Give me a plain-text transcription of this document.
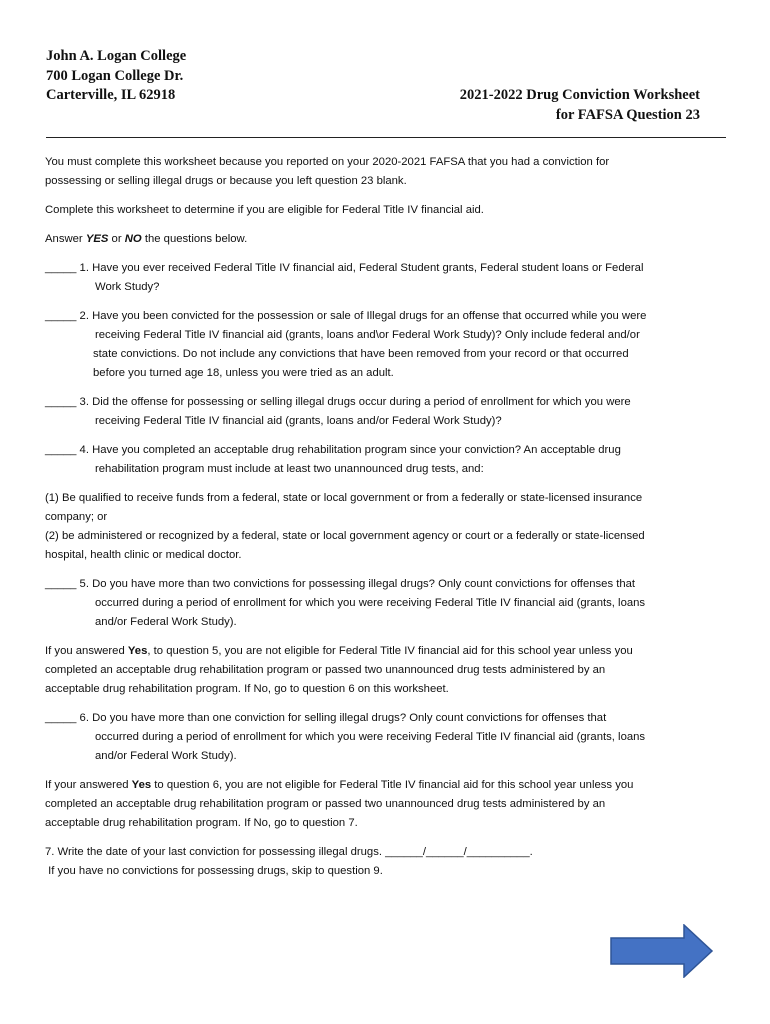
John A. Logan College
700 Logan College Dr.
Carterville, IL 62918	2021-2022 Drug Conviction Worksheet
for FAFSA Question 23

You must complete this worksheet because you reported on your 2020-2021 FAFSA that you had a conviction for
possessing or selling illegal drugs or because you left question 23 blank.

Complete this worksheet to determine if you are eligible for Federal Title IV financial aid.

Answer YES or NO the questions below.

_____ 1. Have you ever received Federal Title IV financial aid, Federal Student grants, Federal student loans or Federal
Work Study?
_____ 2. Have you been convicted for the possession or sale of Illegal drugs for an offense that occurred while you were
receiving Federal Title IV financial aid (grants, loans and\or Federal Work Study)? Only include federal and/or
state convictions. Do not include any convictions that have been removed from your record or that occurred
before you turned age 18, unless you were tried as an adult.
_____ 3. Did the offense for possessing or selling illegal drugs occur during a period of enrollment for which you were
receiving Federal Title IV financial aid (grants, loans and/or Federal Work Study)?
_____ 4. Have you completed an acceptable drug rehabilitation program since your conviction? An acceptable drug
rehabilitation program must include at least two unannounced drug tests, and:

(1) Be qualified to receive funds from a federal, state or local government or from a federally or state-licensed insurance
company; or

(2) be administered or recognized by a federal, state or local government agency or court or a federally or state-licensed
hospital, health clinic or medical doctor.

_____ 5. Do you have more than two convictions for possessing illegal drugs? Only count convictions for offenses that
occurred during a period of enrollment for which you were receiving Federal Title IV financial aid (grants, loans
and/or Federal Work Study).

If you answered Yes, to question 5, you are not eligible for Federal Title IV financial aid for this school year unless you
completed an acceptable drug rehabilitation program or passed two unannounced drug tests administered by an
acceptable drug rehabilitation program. If No, go to question 6 on this worksheet.

_____ 6. Do you have more than one conviction for selling illegal drugs? Only count convictions for offenses that
occurred during a period of enrollment for which you were receiving Federal Title IV financial aid (grants, loans
and/or Federal Work Study).

If your answered Yes to question 6, you are not eligible for Federal Title IV financial aid for this school year unless you
completed an acceptable drug rehabilitation program or passed two unannounced drug tests administered by an
acceptable drug rehabilitation program. If No, go to question 7.

7. Write the date of your last conviction for possessing illegal drugs. ______/______/__________.
If you have no convictions for possessing drugs, skip to question 9.
